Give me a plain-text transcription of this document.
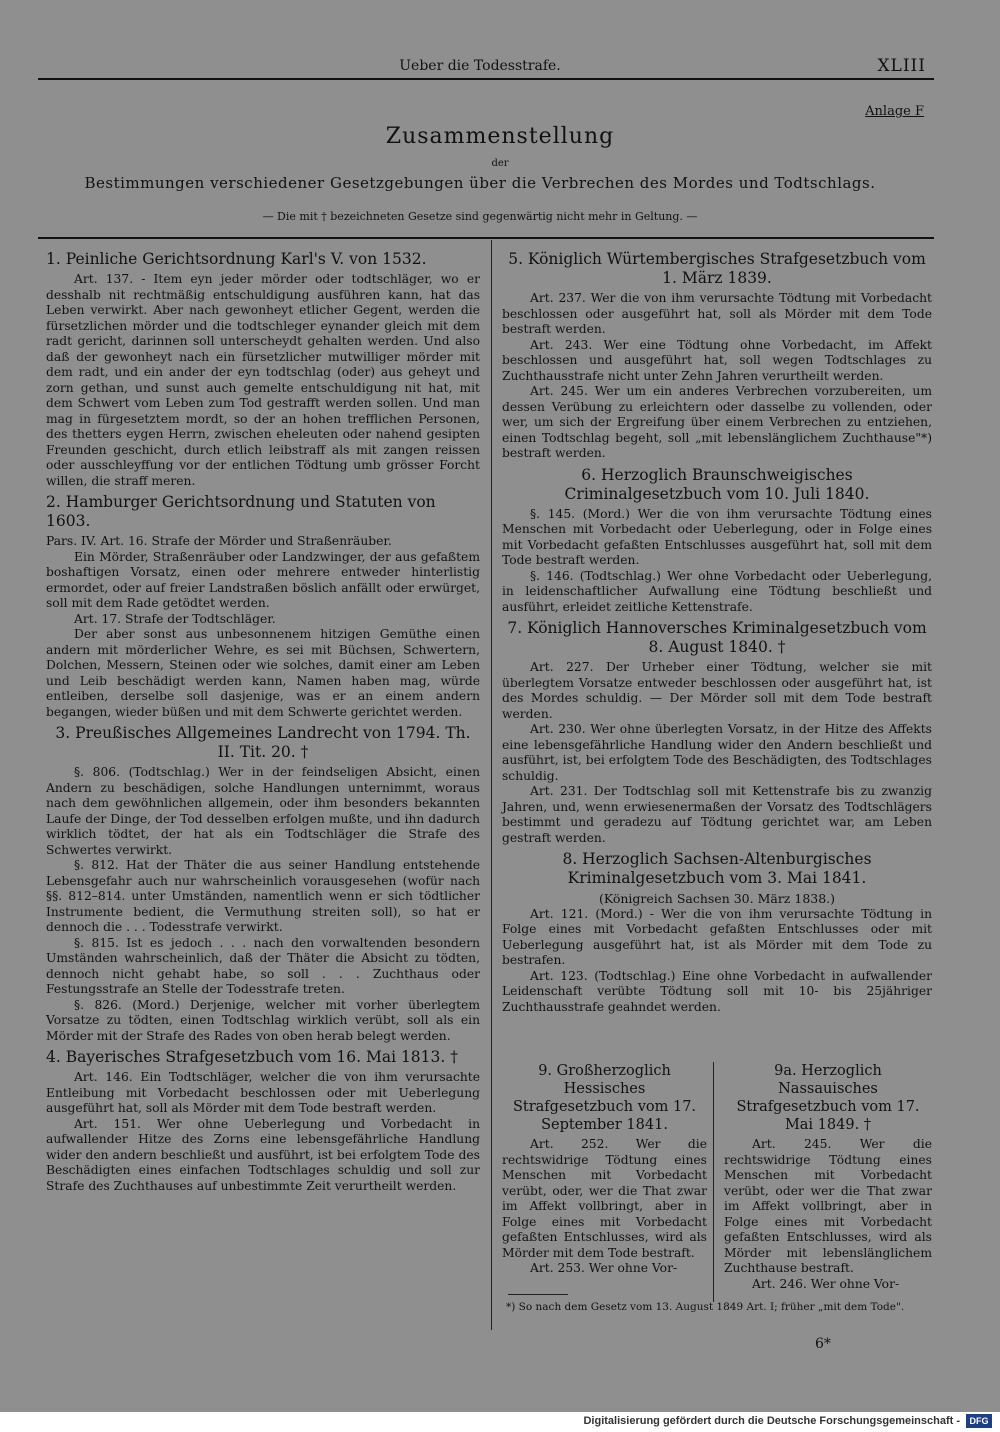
Ueber die Todesstrafe.	XLIII
Anlage F
Zusammenstellung
der
Bestimmungen verschiedener Gesetzgebungen über die Verbrechen des Mordes und Todtschlags.
— Die mit † bezeichneten Gesetze sind gegenwärtig nicht mehr in Geltung. —
1. Peinliche Gerichtsordnung Karl's V. von 1532.

Art. 137. - Item eyn jeder mörder oder todtschläger, wo er desshalb nit rechtmäßig entschuldigung ausführen kann, hat das Leben verwirkt. Aber nach gewonheyt etlicher Gegent, werden die fürsetzlichen mörder und die todtschleger eynander gleich mit dem radt gericht, darinnen soll unterscheydt gehalten werden. Und also daß der gewonheyt nach ein fürsetzlicher mutwilliger mörder mit dem radt, und ein ander der eyn todtschlag (oder) aus geheyt und zorn gethan, und sunst auch gemelte entschuldigung nit hat, mit dem Schwert vom Leben zum Tod gestrafft werden sollen. Und man mag in fürgesetztem mordt, so der an hohen trefflichen Personen, des thetters eygen Herrn, zwischen eheleuten oder nahend gesipten Freunden geschicht, durch etlich leibstraff als mit zangen reissen oder ausschleyffung vor der entlichen Tödtung umb grösser Forcht willen, die straff meren.

2. Hamburger Gerichtsordnung und Statuten von 1603.

Pars. IV. Art. 16. Strafe der Mörder und Straßenräuber.

Ein Mörder, Straßenräuber oder Landzwinger, der aus gefaßtem boshaftigen Vorsatz, einen oder mehrere entweder hinterlistig ermordet, oder auf freier Landstraßen böslich anfällt oder erwürget, soll mit dem Rade getödtet werden.

Art. 17. Strafe der Todtschläger.

Der aber sonst aus unbesonnenem hitzigen Gemüthe einen andern mit mörderlicher Wehre, es sei mit Büchsen, Schwertern, Dolchen, Messern, Steinen oder wie solches, damit einer am Leben und Leib beschädigt werden kann, Namen haben mag, würde entleiben, derselbe soll dasjenige, was er an einem andern begangen, wieder büßen und mit dem Schwerte gerichtet werden.

3. Preußisches Allgemeines Landrecht von 1794. Th. II. Tit. 20. †

§. 806. (Todtschlag.) Wer in der feindseligen Absicht, einen Andern zu beschädigen, solche Handlungen unternimmt, woraus nach dem gewöhnlichen allgemein, oder ihm besonders bekannten Laufe der Dinge, der Tod desselben erfolgen mußte, und ihn dadurch wirklich tödtet, der hat als ein Todtschläger die Strafe des Schwertes verwirkt.

§. 812. Hat der Thäter die aus seiner Handlung entstehende Lebensgefahr auch nur wahrscheinlich vorausgesehen (wofür nach §§. 812–814. unter Umständen, namentlich wenn er sich tödtlicher Instrumente bedient, die Vermuthung streiten soll), so hat er dennoch die . . . Todesstrafe verwirkt.

§. 815. Ist es jedoch . . . nach den vorwaltenden besondern Umständen wahrscheinlich, daß der Thäter die Absicht zu tödten, dennoch nicht gehabt habe, so soll . . . Zuchthaus oder Festungsstrafe an Stelle der Todesstrafe treten.

§. 826. (Mord.) Derjenige, welcher mit vorher überlegtem Vorsatze zu tödten, einen Todtschlag wirklich verübt, soll als ein Mörder mit der Strafe des Rades von oben herab belegt werden.

4. Bayerisches Strafgesetzbuch vom 16. Mai 1813. †

Art. 146. Ein Todtschläger, welcher die von ihm verursachte Entleibung mit Vorbedacht beschlossen oder mit Ueberlegung ausgeführt hat, soll als Mörder mit dem Tode bestraft werden.

Art. 151. Wer ohne Ueberlegung und Vorbedacht in aufwallender Hitze des Zorns eine lebensgefährliche Handlung wider den andern beschließt und ausführt, ist bei erfolgtem Tode des Beschädigten eines einfachen Todtschlages schuldig und soll zur Strafe des Zuchthauses auf unbestimmte Zeit verurtheilt werden.

5. Königlich Würtembergisches Strafgesetzbuch vom 1. März 1839.

Art. 237. Wer die von ihm verursachte Tödtung mit Vorbedacht beschlossen oder ausgeführt hat, soll als Mörder mit dem Tode bestraft werden.

Art. 243. Wer eine Tödtung ohne Vorbedacht, im Affekt beschlossen und ausgeführt hat, soll wegen Todtschlages zu Zuchthausstrafe nicht unter Zehn Jahren verurtheilt werden.

Art. 245. Wer um ein anderes Verbrechen vorzubereiten, um dessen Verübung zu erleichtern oder dasselbe zu vollenden, oder wer, um sich der Ergreifung über einem Verbrechen zu entziehen, einen Todtschlag begeht, soll „mit lebenslänglichem Zuchthause"*) bestraft werden.

6. Herzoglich Braunschweigisches Criminalgesetzbuch vom 10. Juli 1840.

§. 145. (Mord.) Wer die von ihm verursachte Tödtung eines Menschen mit Vorbedacht oder Ueberlegung, oder in Folge eines mit Vorbedacht gefaßten Entschlusses ausgeführt hat, soll mit dem Tode bestraft werden.

§. 146. (Todtschlag.) Wer ohne Vorbedacht oder Ueberlegung, in leidenschaftlicher Aufwallung eine Tödtung beschließt und ausführt, erleidet zeitliche Kettenstrafe.

7. Königlich Hannoversches Kriminalgesetzbuch vom 8. August 1840. †

Art. 227. Der Urheber einer Tödtung, welcher sie mit überlegtem Vorsatze entweder beschlossen oder ausgeführt hat, ist des Mordes schuldig. — Der Mörder soll mit dem Tode bestraft werden.

Art. 230. Wer ohne überlegten Vorsatz, in der Hitze des Affekts eine lebensgefährliche Handlung wider den Andern beschließt und ausführt, ist, bei erfolgtem Tode des Beschädigten, des Todtschlages schuldig.

Art. 231. Der Todtschlag soll mit Kettenstrafe bis zu zwanzig Jahren, und, wenn erwiesenermaßen der Vorsatz des Todtschlägers bestimmt und geradezu auf Tödtung gerichtet war, am Leben gestraft werden.

8. Herzoglich Sachsen-Altenburgisches Kriminalgesetzbuch vom 3. Mai 1841.
(Königreich Sachsen 30. März 1838.)

Art. 121. (Mord.) - Wer die von ihm verursachte Tödtung in Folge eines mit Vorbedacht gefaßten Entschlusses oder mit Ueberlegung ausgeführt hat, ist als Mörder mit dem Tode zu bestrafen.

Art. 123. (Todtschlag.) Eine ohne Vorbedacht in aufwallender Leidenschaft verübte Tödtung soll mit 10- bis 25jähriger Zuchthausstrafe geahndet werden.

9. Großherzoglich Hessisches Strafgesetzbuch vom 17. September 1841.

Art. 252. Wer die rechtswidrige Tödtung eines Menschen mit Vorbedacht verübt, oder, wer die That zwar im Affekt vollbringt, aber in Folge eines mit Vorbedacht gefaßten Entschlusses, wird als Mörder mit dem Tode bestraft.

Art. 253. Wer ohne Vor-

9a. Herzoglich Nassauisches Strafgesetzbuch vom 17. Mai 1849. †

Art. 245. Wer die rechtswidrige Tödtung eines Menschen mit Vorbedacht verübt, oder wer die That zwar im Affekt vollbringt, aber in Folge eines mit Vorbedacht gefaßten Entschlusses, wird als Mörder mit lebenslänglichem Zuchthause bestraft.

Art. 246. Wer ohne Vor-

*) So nach dem Gesetz vom 13. August 1849 Art. I; früher „mit dem Tode".
6*
Digitalisierung gefördert durch die Deutsche Forschungsgemeinschaft -	DFG
